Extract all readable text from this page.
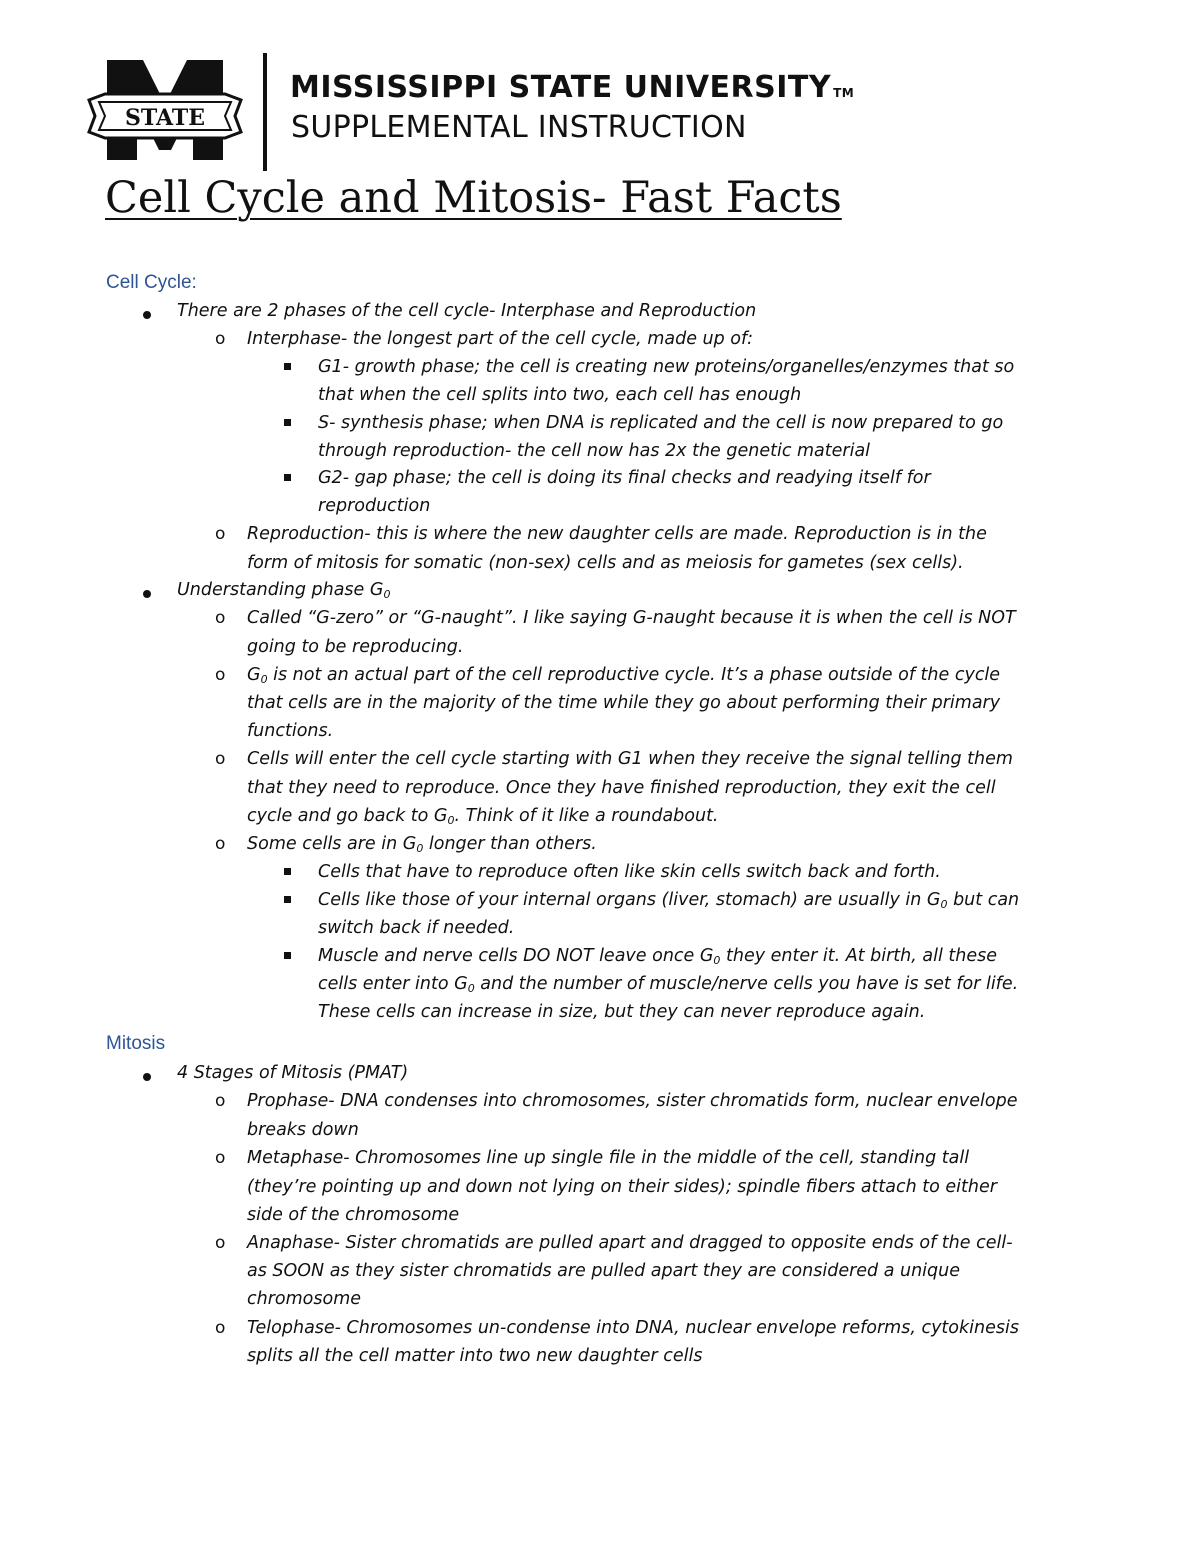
STATE
MISSISSIPPI STATE UNIVERSITY TM
SUPPLEMENTAL INSTRUCTION
Cell Cycle and Mitosis- Fast Facts
Cell Cycle:
There are 2 phases of the cell cycle- Interphase and Reproduction
o Interphase- the longest part of the cell cycle, made up of:
G1- growth phase; the cell is creating new proteins/organelles/enzymes that so
that when the cell splits into two, each cell has enough
S- synthesis phase; when DNA is replicated and the cell is now prepared to go
through reproduction- the cell now has 2x the genetic material
G2- gap phase; the cell is doing its final checks and readying itself for
reproduction
o Reproduction- this is where the new daughter cells are made. Reproduction is in the
form of mitosis for somatic (non-sex) cells and as meiosis for gametes (sex cells).
Understanding phase $G_0$
o Called “G-zero” or “G-naught”. I like saying G-naught because it is when the cell is NOT
going to be reproducing.
o $G_0$ is not an actual part of the cell reproductive cycle. It’s a phase outside of the cycle
that cells are in the majority of the time while they go about performing their primary
functions.
o Cells will enter the cell cycle starting with G1 when they receive the signal telling them
that they need to reproduce. Once they have finished reproduction, they exit the cell
cycle and go back to $G_0$. Think of it like a roundabout.
o Some cells are in $G_0$ longer than others.
Cells that have to reproduce often like skin cells switch back and forth.
Cells like those of your internal organs (liver, stomach) are usually in $G_0$ but can
switch back if needed.
Muscle and nerve cells DO NOT leave once $G_0$ they enter it. At birth, all these
cells enter into $G_0$ and the number of muscle/nerve cells you have is set for life.
These cells can increase in size, but they can never reproduce again.
Mitosis
4 Stages of Mitosis (PMAT)
o Prophase- DNA condenses into chromosomes, sister chromatids form, nuclear envelope
breaks down
o Metaphase- Chromosomes line up single file in the middle of the cell, standing tall
(they’re pointing up and down not lying on their sides); spindle fibers attach to either
side of the chromosome
o Anaphase- Sister chromatids are pulled apart and dragged to opposite ends of the cell-
as SOON as they sister chromatids are pulled apart they are considered a unique
chromosome
o Telophase- Chromosomes un-condense into DNA, nuclear envelope reforms, cytokinesis
splits all the cell matter into two new daughter cells
